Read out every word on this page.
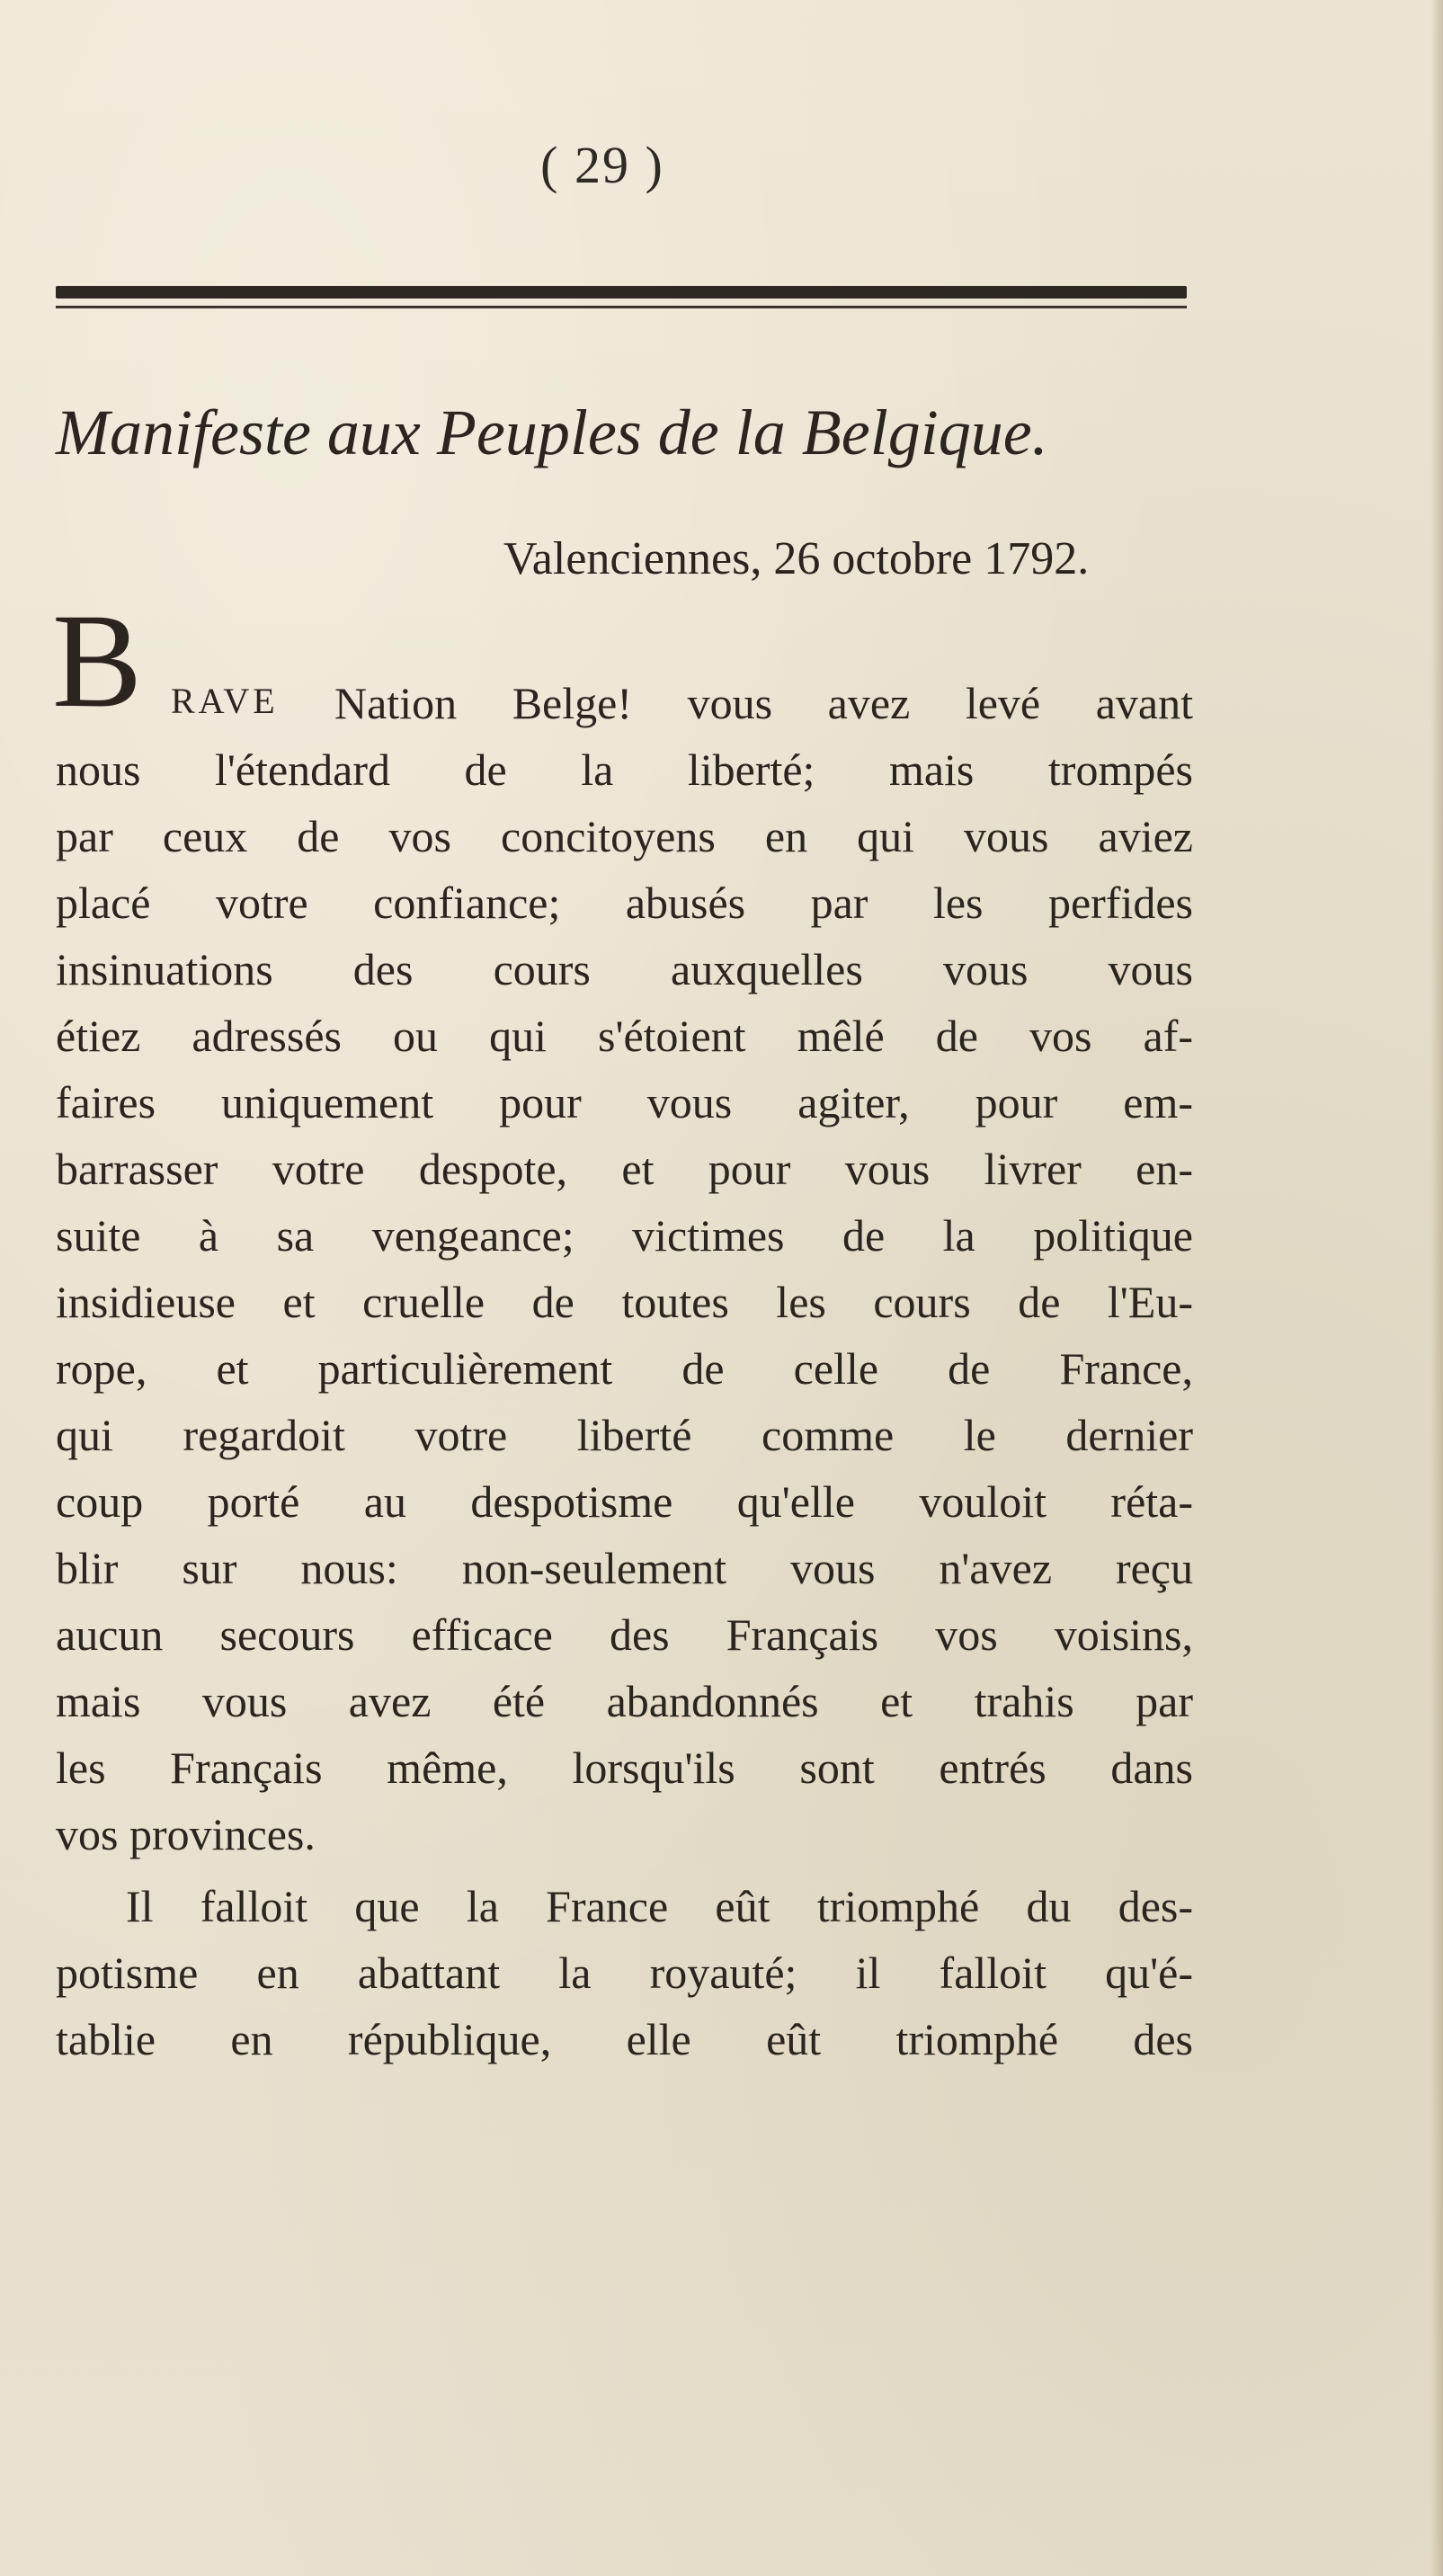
( 29 )
Manifeste aux Peuples de la Belgique.
Valenciennes, 26 octobre 1792.
B RAVE Nation Belge! vous avez levé avant
nous l'étendard de la liberté; mais trompés
par ceux de vos concitoyens en qui vous aviez
placé votre confiance; abusés par les perfides
insinuations des cours auxquelles vous vous
étiez adressés ou qui s'étoient mêlé de vos af-
faires uniquement pour vous agiter, pour em-
barrasser votre despote, et pour vous livrer en-
suite à sa vengeance; victimes de la politique
insidieuse et cruelle de toutes les cours de l'Eu-
rope, et particulièrement de celle de France,
qui regardoit votre liberté comme le dernier
coup porté au despotisme qu'elle vouloit réta-
blir sur nous: non-seulement vous n'avez reçu
aucun secours efficace des Français vos voisins,
mais vous avez été abandonnés et trahis par
les Français même, lorsqu'ils sont entrés dans
vos provinces.
Il falloit que la France eût triomphé du des-
potisme en abattant la royauté; il falloit qu'é-
tablie en république, elle eût triomphé des
